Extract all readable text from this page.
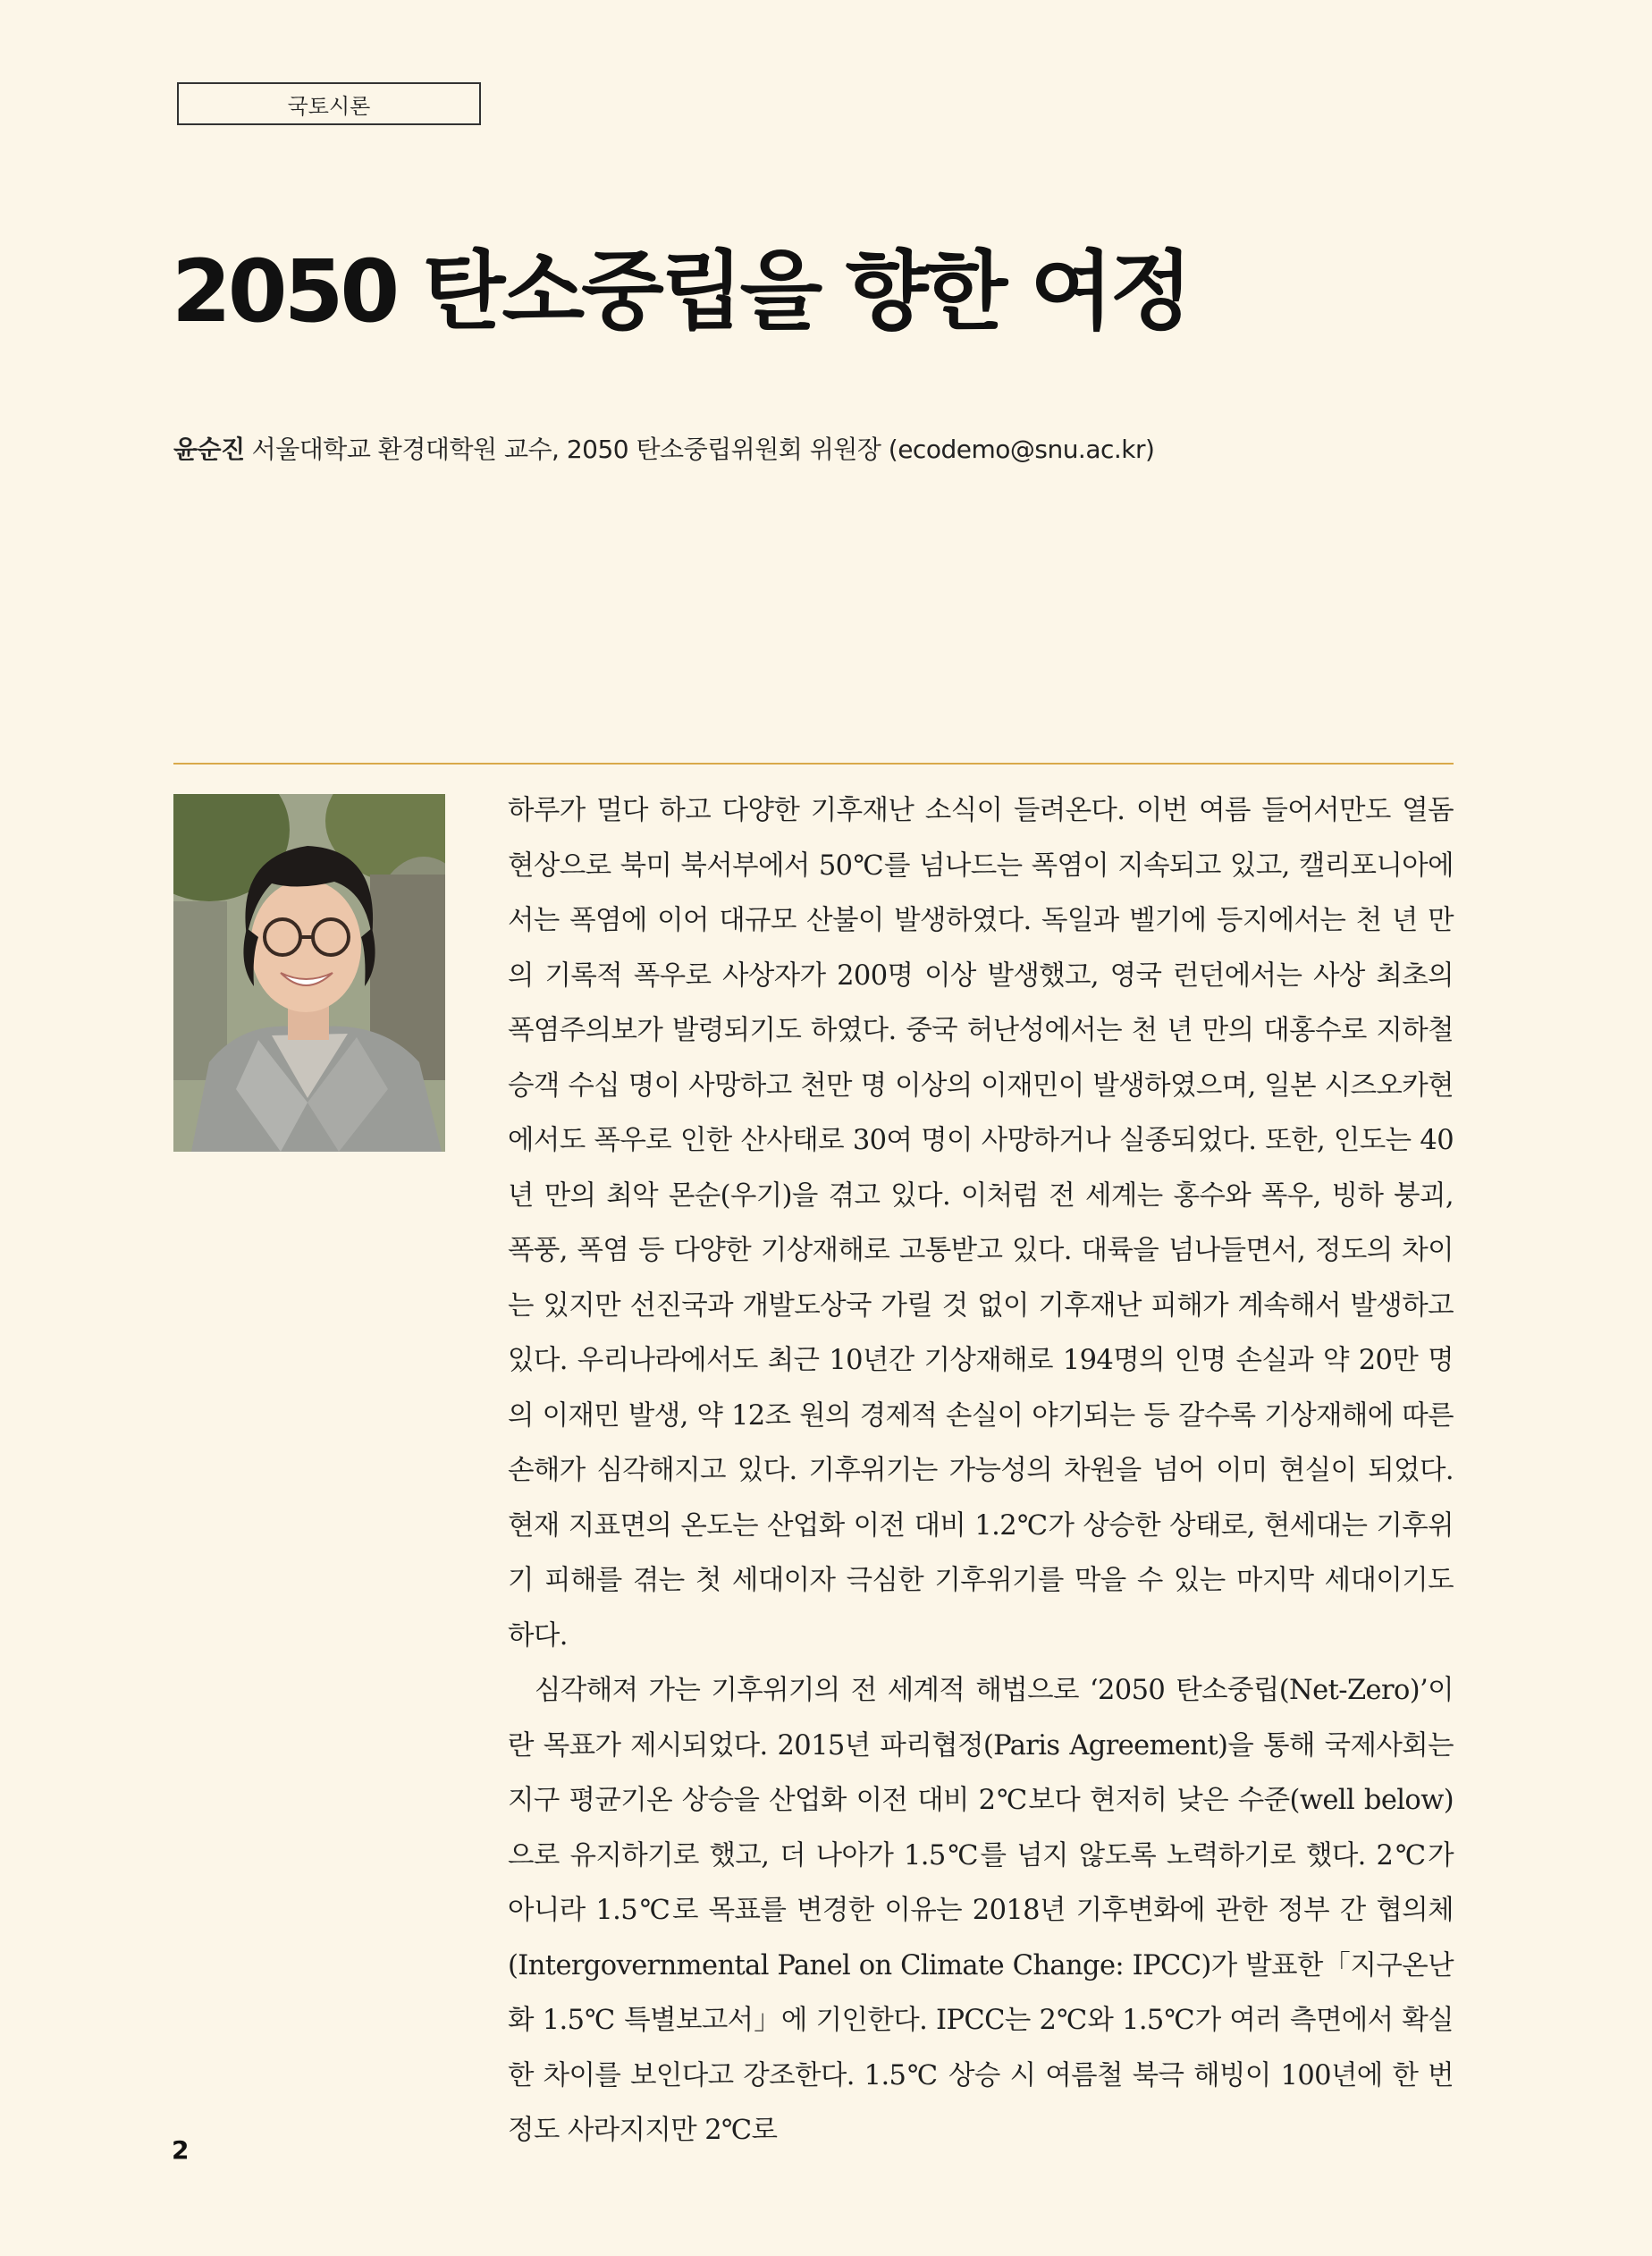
국토시론
2050 탄소중립을 향한 여정
윤순진 서울대학교 환경대학원 교수, 2050 탄소중립위원회 위원장 (ecodemo@snu.ac.kr)

하루가 멀다 하고 다양한 기후재난 소식이 들려온다. 이번 여름 들어서만도 열돔 현상으로 북미 북서부에서 50℃를 넘나드는 폭염이 지속되고 있고, 캘리포니아에서는 폭염에 이어 대규모 산불이 발생하였다. 독일과 벨기에 등지에서는 천 년 만의 기록적 폭우로 사상자가 200명 이상 발생했고, 영국 런던에서는 사상 최초의 폭염주의보가 발령되기도 하였다. 중국 허난성에서는 천 년 만의 대홍수로 지하철 승객 수십 명이 사망하고 천만 명 이상의 이재민이 발생하였으며, 일본 시즈오카현에서도 폭우로 인한 산사태로 30여 명이 사망하거나 실종되었다. 또한, 인도는 40년 만의 최악 몬순(우기)을 겪고 있다. 이처럼 전 세계는 홍수와 폭우, 빙하 붕괴, 폭풍, 폭염 등 다양한 기상재해로 고통받고 있다. 대륙을 넘나들면서, 정도의 차이는 있지만 선진국과 개발도상국 가릴 것 없이 기후재난 피해가 계속해서 발생하고 있다. 우리나라에서도 최근 10년간 기상재해로 194명의 인명 손실과 약 20만 명의 이재민 발생, 약 12조 원의 경제적 손실이 야기되는 등 갈수록 기상재해에 따른 손해가 심각해지고 있다. 기후위기는 가능성의 차원을 넘어 이미 현실이 되었다. 현재 지표면의 온도는 산업화 이전 대비 1.2℃가 상승한 상태로, 현세대는 기후위기 피해를 겪는 첫 세대이자 극심한 기후위기를 막을 수 있는 마지막 세대이기도 하다.

심각해져 가는 기후위기의 전 세계적 해법으로 ‘2050 탄소중립(Net-Zero)’이란 목표가 제시되었다. 2015년 파리협정(Paris Agreement)을 통해 국제사회는 지구 평균기온 상승을 산업화 이전 대비 2℃보다 현저히 낮은 수준(well below)으로 유지하기로 했고, 더 나아가 1.5℃를 넘지 않도록 노력하기로 했다. 2℃가 아니라 1.5℃로 목표를 변경한 이유는 2018년 기후변화에 관한 정부 간 협의체(Intergovernmental Panel on Climate Change: IPCC)가 발표한「지구온난화 1.5℃ 특별보고서」에 기인한다. IPCC는 2℃와 1.5℃가 여러 측면에서 확실한 차이를 보인다고 강조한다. 1.5℃ 상승 시 여름철 북극 해빙이 100년에 한 번 정도 사라지지만 2℃로

2
